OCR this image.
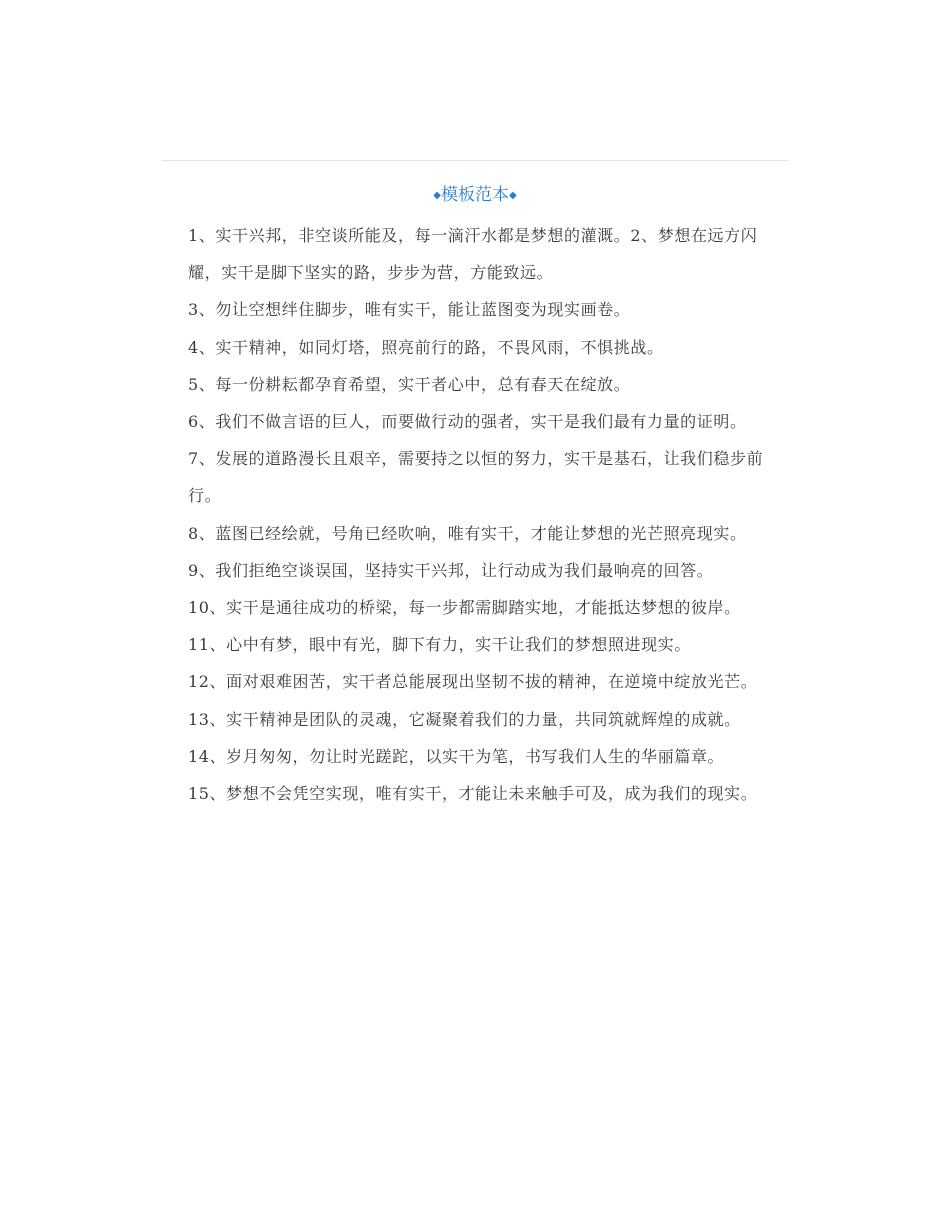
◆模板范本◆

1、实干兴邦，非空谈所能及，每一滴汗水都是梦想的灌溉。2、梦想在远方闪耀，实干是脚下坚实的路，步步为营，方能致远。

3、勿让空想绊住脚步，唯有实干，能让蓝图变为现实画卷。

4、实干精神，如同灯塔，照亮前行的路，不畏风雨，不惧挑战。

5、每一份耕耘都孕育希望，实干者心中，总有春天在绽放。

6、我们不做言语的巨人，而要做行动的强者，实干是我们最有力量的证明。

7、发展的道路漫长且艰辛，需要持之以恒的努力，实干是基石，让我们稳步前行。

8、蓝图已经绘就，号角已经吹响，唯有实干，才能让梦想的光芒照亮现实。

9、我们拒绝空谈误国，坚持实干兴邦，让行动成为我们最响亮的回答。

10、实干是通往成功的桥梁，每一步都需脚踏实地，才能抵达梦想的彼岸。

11、心中有梦，眼中有光，脚下有力，实干让我们的梦想照进现实。

12、面对艰难困苦，实干者总能展现出坚韧不拔的精神，在逆境中绽放光芒。

13、实干精神是团队的灵魂，它凝聚着我们的力量，共同筑就辉煌的成就。

14、岁月匆匆，勿让时光蹉跎，以实干为笔，书写我们人生的华丽篇章。

15、梦想不会凭空实现，唯有实干，才能让未来触手可及，成为我们的现实。
